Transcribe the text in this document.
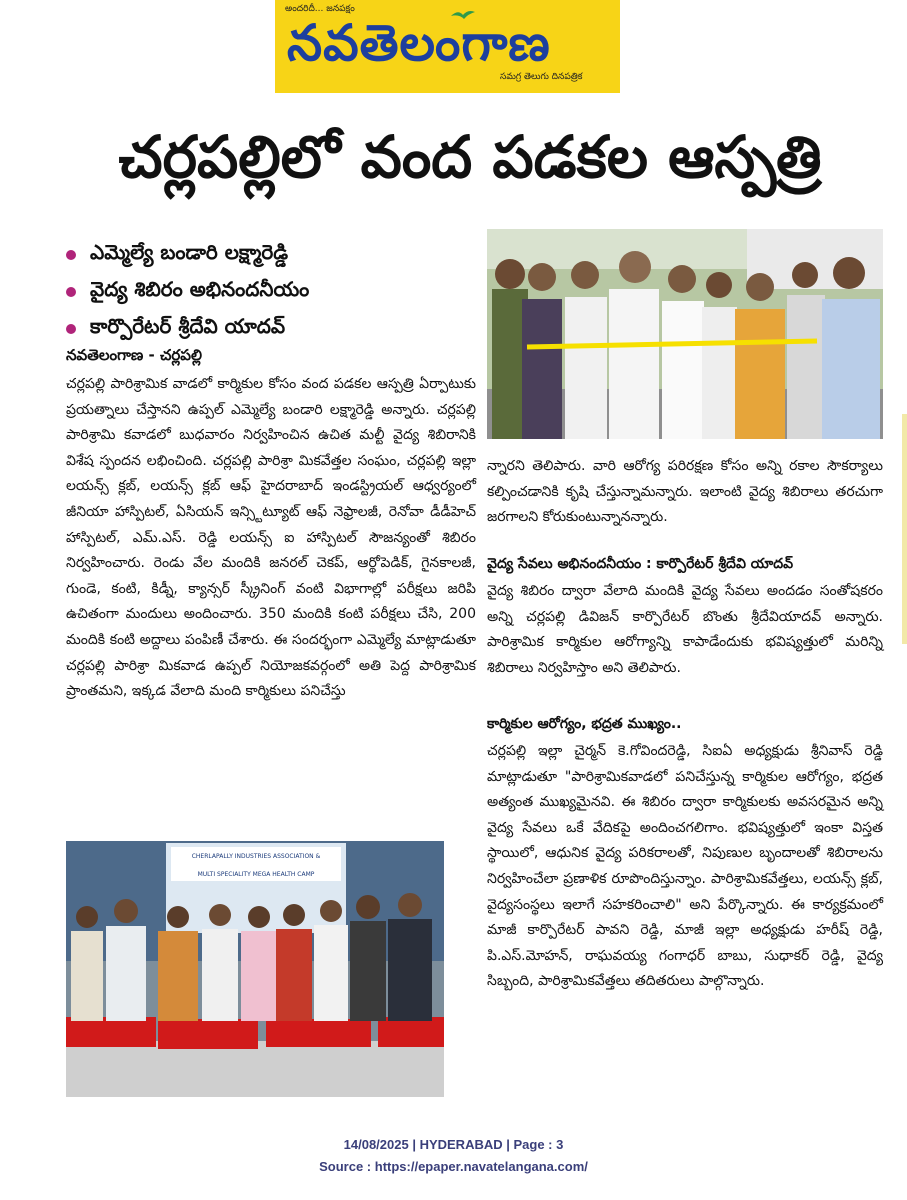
అందరిదీ... జనపక్షం
నవతెలంగాణ
సమగ్ర తెలుగు దినపత్రిక
చర్లపల్లిలో వంద పడకల ఆస్పత్రి
ఎమ్మెల్యే బండారి లక్ష్మారెడ్డి
వైద్య శిబిరం అభినందనీయం
కార్పొరేటర్ శ్రీదేవి యాదవ్
నవతెలంగాణ - చర్లపల్లి

చర్లపల్లి పారిశ్రామిక వాడలో కార్మికుల కోసం వంద పడకల ఆస్పత్రి ఏర్పాటుకు ప్రయత్నాలు చేస్తానని ఉప్పల్ ఎమ్మెల్యే బండారి లక్ష్మారెడ్డి అన్నారు. చర్లపల్లి పారిశ్రామి కవాడలో బుధవారం నిర్వహించిన ఉచిత మల్టీ వైద్య శిబిరానికి విశేష స్పందన లభించింది. చర్లపల్లి పారిశ్రా మికవేత్తల సంఘం, చర్లపల్లి ఇల్లా లయన్స్ క్లబ్, లయన్స్ క్లబ్ ఆఫ్ హైదరాబాద్ ఇండస్ట్రియల్ ఆధ్వర్యంలో జీనియా హాస్పిటల్, ఏసియన్ ఇన్స్టిట్యూట్ ఆఫ్ నెఫ్రాలజీ, రెనోవా డీడీహెచ్ హాస్పిటల్, ఎమ్.ఎస్. రెడ్డి లయన్స్ ఐ హాస్పిటల్ సౌజన్యంతో శిబిరం నిర్వహించారు. రెండు వేల మందికి జనరల్ చెకప్, ఆర్థోపెడిక్, గైనకాలజీ, గుండె, కంటి, కిడ్నీ, క్యాన్సర్ స్క్రీనింగ్ వంటి విభాగాల్లో పరీక్షలు జరిపి ఉచితంగా మందులు అందించారు. 350 మందికి కంటి పరీక్షలు చేసి, 200 మందికి కంటి అద్దాలు పంపిణీ చేశారు. ఈ సందర్భంగా ఎమ్మెల్యే మాట్లాడుతూ చర్లపల్లి పారిశ్రా మికవాడ ఉప్పల్ నియోజకవర్గంలో అతి పెద్ద పారిశ్రామిక ప్రాంతమని, ఇక్కడ వేలాది మంది కార్మికులు పనిచేస్తు

న్నారని తెలిపారు. వారి ఆరోగ్య పరిరక్షణ కోసం అన్ని రకాల సౌకర్యాలు కల్పించడానికి కృషి చేస్తున్నామన్నారు. ఇలాంటి వైద్య శిబిరాలు తరచుగా జరగాలని కోరుకుంటున్నానన్నారు.

వైద్య సేవలు అభినందనీయం : కార్పొరేటర్ శ్రీదేవి యాదవ్

వైద్య శిబిరం ద్వారా వేలాది మందికి వైద్య సేవలు అందడం సంతోషకరం అన్ని చర్లపల్లి డివిజన్ కార్పొరేటర్ బొంతు శ్రీదేవియాదవ్ అన్నారు. పారిశ్రామిక కార్మికుల ఆరోగ్యాన్ని కాపాడేందుకు భవిష్యత్తులో మరిన్ని శిబిరాలు నిర్వహిస్తాం అని తెలిపారు.

కార్మికుల ఆరోగ్యం, భద్రత ముఖ్యం..

చర్లపల్లి ఇల్లా చైర్మన్ కె.గోవిందరెడ్డి, సిఐఏ అధ్యక్షుడు శ్రీనివాస్ రెడ్డి మాట్లాడుతూ "పారిశ్రామికవాడలో పనిచేస్తున్న కార్మికుల ఆరోగ్యం, భద్రత అత్యంత ముఖ్యమైనవి. ఈ శిబిరం ద్వారా కార్మికులకు అవసరమైన అన్ని వైద్య సేవలు ఒకే వేదికపై అందించగలిగాం. భవిష్యత్తులో ఇంకా విస్తత స్థాయిలో, ఆధునిక వైద్య పరికరాలతో, నిపుణుల బృందాలతో శిబిరాలను నిర్వహించేలా ప్రణాళిక రూపొందిస్తున్నాం. పారిశ్రామికవేత్తలు, లయన్స్ క్లబ్, వైద్యసంస్థలు ఇలాగే సహకరించాలి" అని పేర్కొన్నారు. ఈ కార్యక్రమంలో మాజీ కార్పొరేటర్ పావని రెడ్డి, మాజీ ఇల్లా అధ్యక్షుడు హరీష్ రెడ్డి, పి.ఎస్.మోహన్, రాఘవయ్య గంగాధర్ బాబు, సుధాకర్ రెడ్డి, వైద్య సిబ్బంది, పారిశ్రామికవేత్తలు తదితరులు పాల్గొన్నారు.

CHERLAPALLY INDUSTRIES ASSOCIATION &
MULTI SPECIALITY MEGA HEALTH CAMP
14/08/2025 | HYDERABAD | Page : 3
Source : https://epaper.navatelangana.com/
